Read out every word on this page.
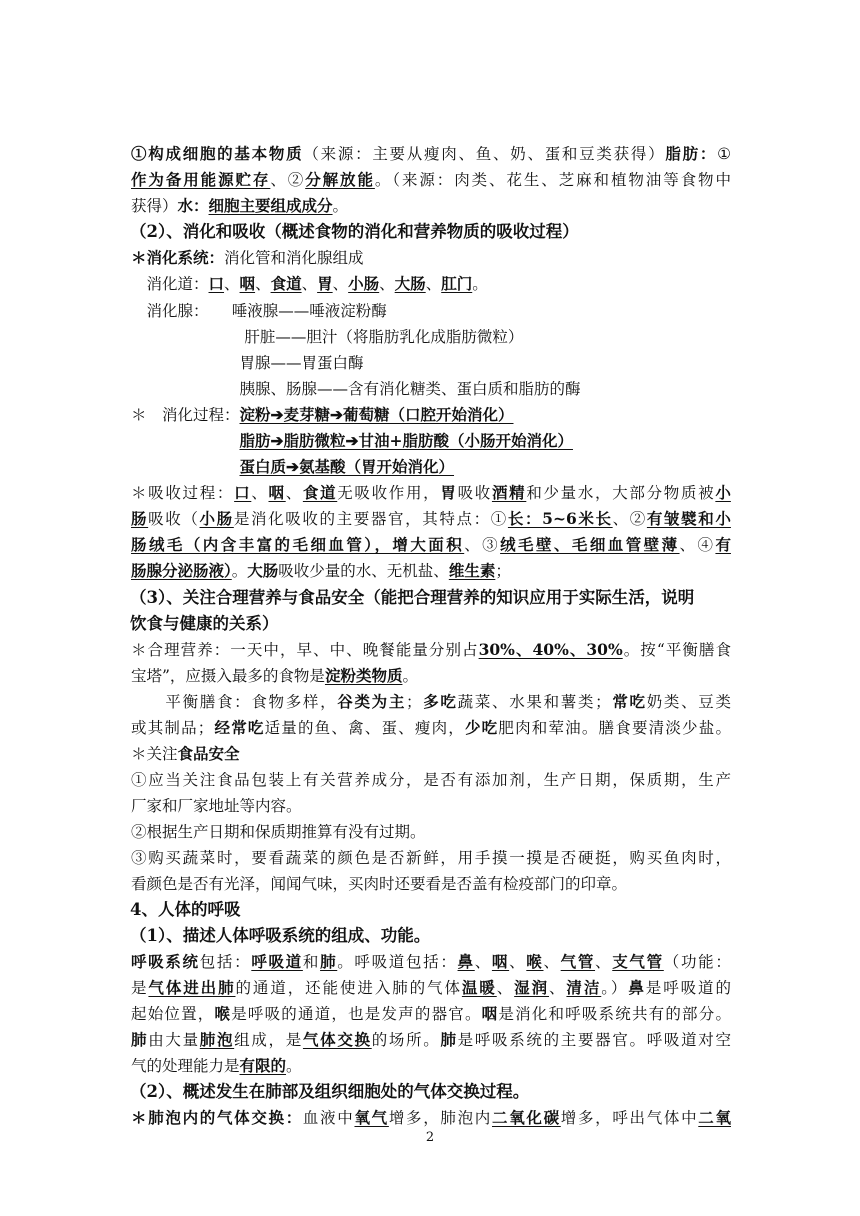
①构成细胞的基本物质（来源：主要从瘦肉、鱼、奶、蛋和豆类获得）脂肪：①
作为备用能源贮存、②分解放能。（来源：肉类、花生、芝麻和植物油等食物中
获得）水：细胞主要组成成分。
（2）、消化和吸收（概述食物的消化和营养物质的吸收过程）
＊消化系统：消化管和消化腺组成
　消化道：口、咽、食道、胃、小肠、大肠、肛门。
　消化腺：　　唾液腺——唾液淀粉酶
　　　　　　　 肝脏——胆汁（将脂肪乳化成脂肪微粒）
　　　　　　　胃腺——胃蛋白酶
　　　　　　　胰腺、肠腺——含有消化糖类、蛋白质和脂肪的酶
＊　消化过程：淀粉➔麦芽糖➔葡萄糖（口腔开始消化）
　　　　　　　脂肪➔脂肪微粒➔甘油+脂肪酸（小肠开始消化）
　　　　　　　蛋白质➔氨基酸（胃开始消化）
＊吸收过程：口、咽、食道无吸收作用，胃吸收酒精和少量水，大部分物质被小
肠吸收（小肠是消化吸收的主要器官，其特点：①长：5~6米长、②有皱襞和小
肠绒毛（内含丰富的毛细血管），增大面积、③绒毛壁、毛细血管壁薄、④有
肠腺分泌肠液）。大肠吸收少量的水、无机盐、维生素；
（3）、关注合理营养与食品安全（能把合理营养的知识应用于实际生活，说明
饮食与健康的关系）
＊合理营养：一天中，早、中、晚餐能量分别占30%、40%、30%。按“平衡膳食
宝塔”，应摄入最多的食物是淀粉类物质。
　　平衡膳食：食物多样，谷类为主；多吃蔬菜、水果和薯类；常吃奶类、豆类
或其制品；经常吃适量的鱼、禽、蛋、瘦肉，少吃肥肉和荤油。膳食要清淡少盐。
＊关注食品安全
①应当关注食品包装上有关营养成分，是否有添加剂，生产日期，保质期，生产
厂家和厂家地址等内容。
②根据生产日期和保质期推算有没有过期。
③购买蔬菜时，要看蔬菜的颜色是否新鲜，用手摸一摸是否硬挺，购买鱼肉时，
看颜色是否有光泽，闻闻气味，买肉时还要看是否盖有检疫部门的印章。
4、人体的呼吸
（1）、描述人体呼吸系统的组成、功能。
呼吸系统包括：呼吸道和肺。呼吸道包括：鼻、咽、喉、气管、支气管（功能：
是气体进出肺的通道，还能使进入肺的气体温暖、湿润、清洁。）鼻是呼吸道的
起始位置，喉是呼吸的通道，也是发声的器官。咽是消化和呼吸系统共有的部分。
肺由大量肺泡组成，是气体交换的场所。肺是呼吸系统的主要器官。呼吸道对空
气的处理能力是有限的。
（2）、概述发生在肺部及组织细胞处的气体交换过程。
＊肺泡内的气体交换：血液中氧气增多，肺泡内二氧化碳增多，呼出气体中二氧
2
